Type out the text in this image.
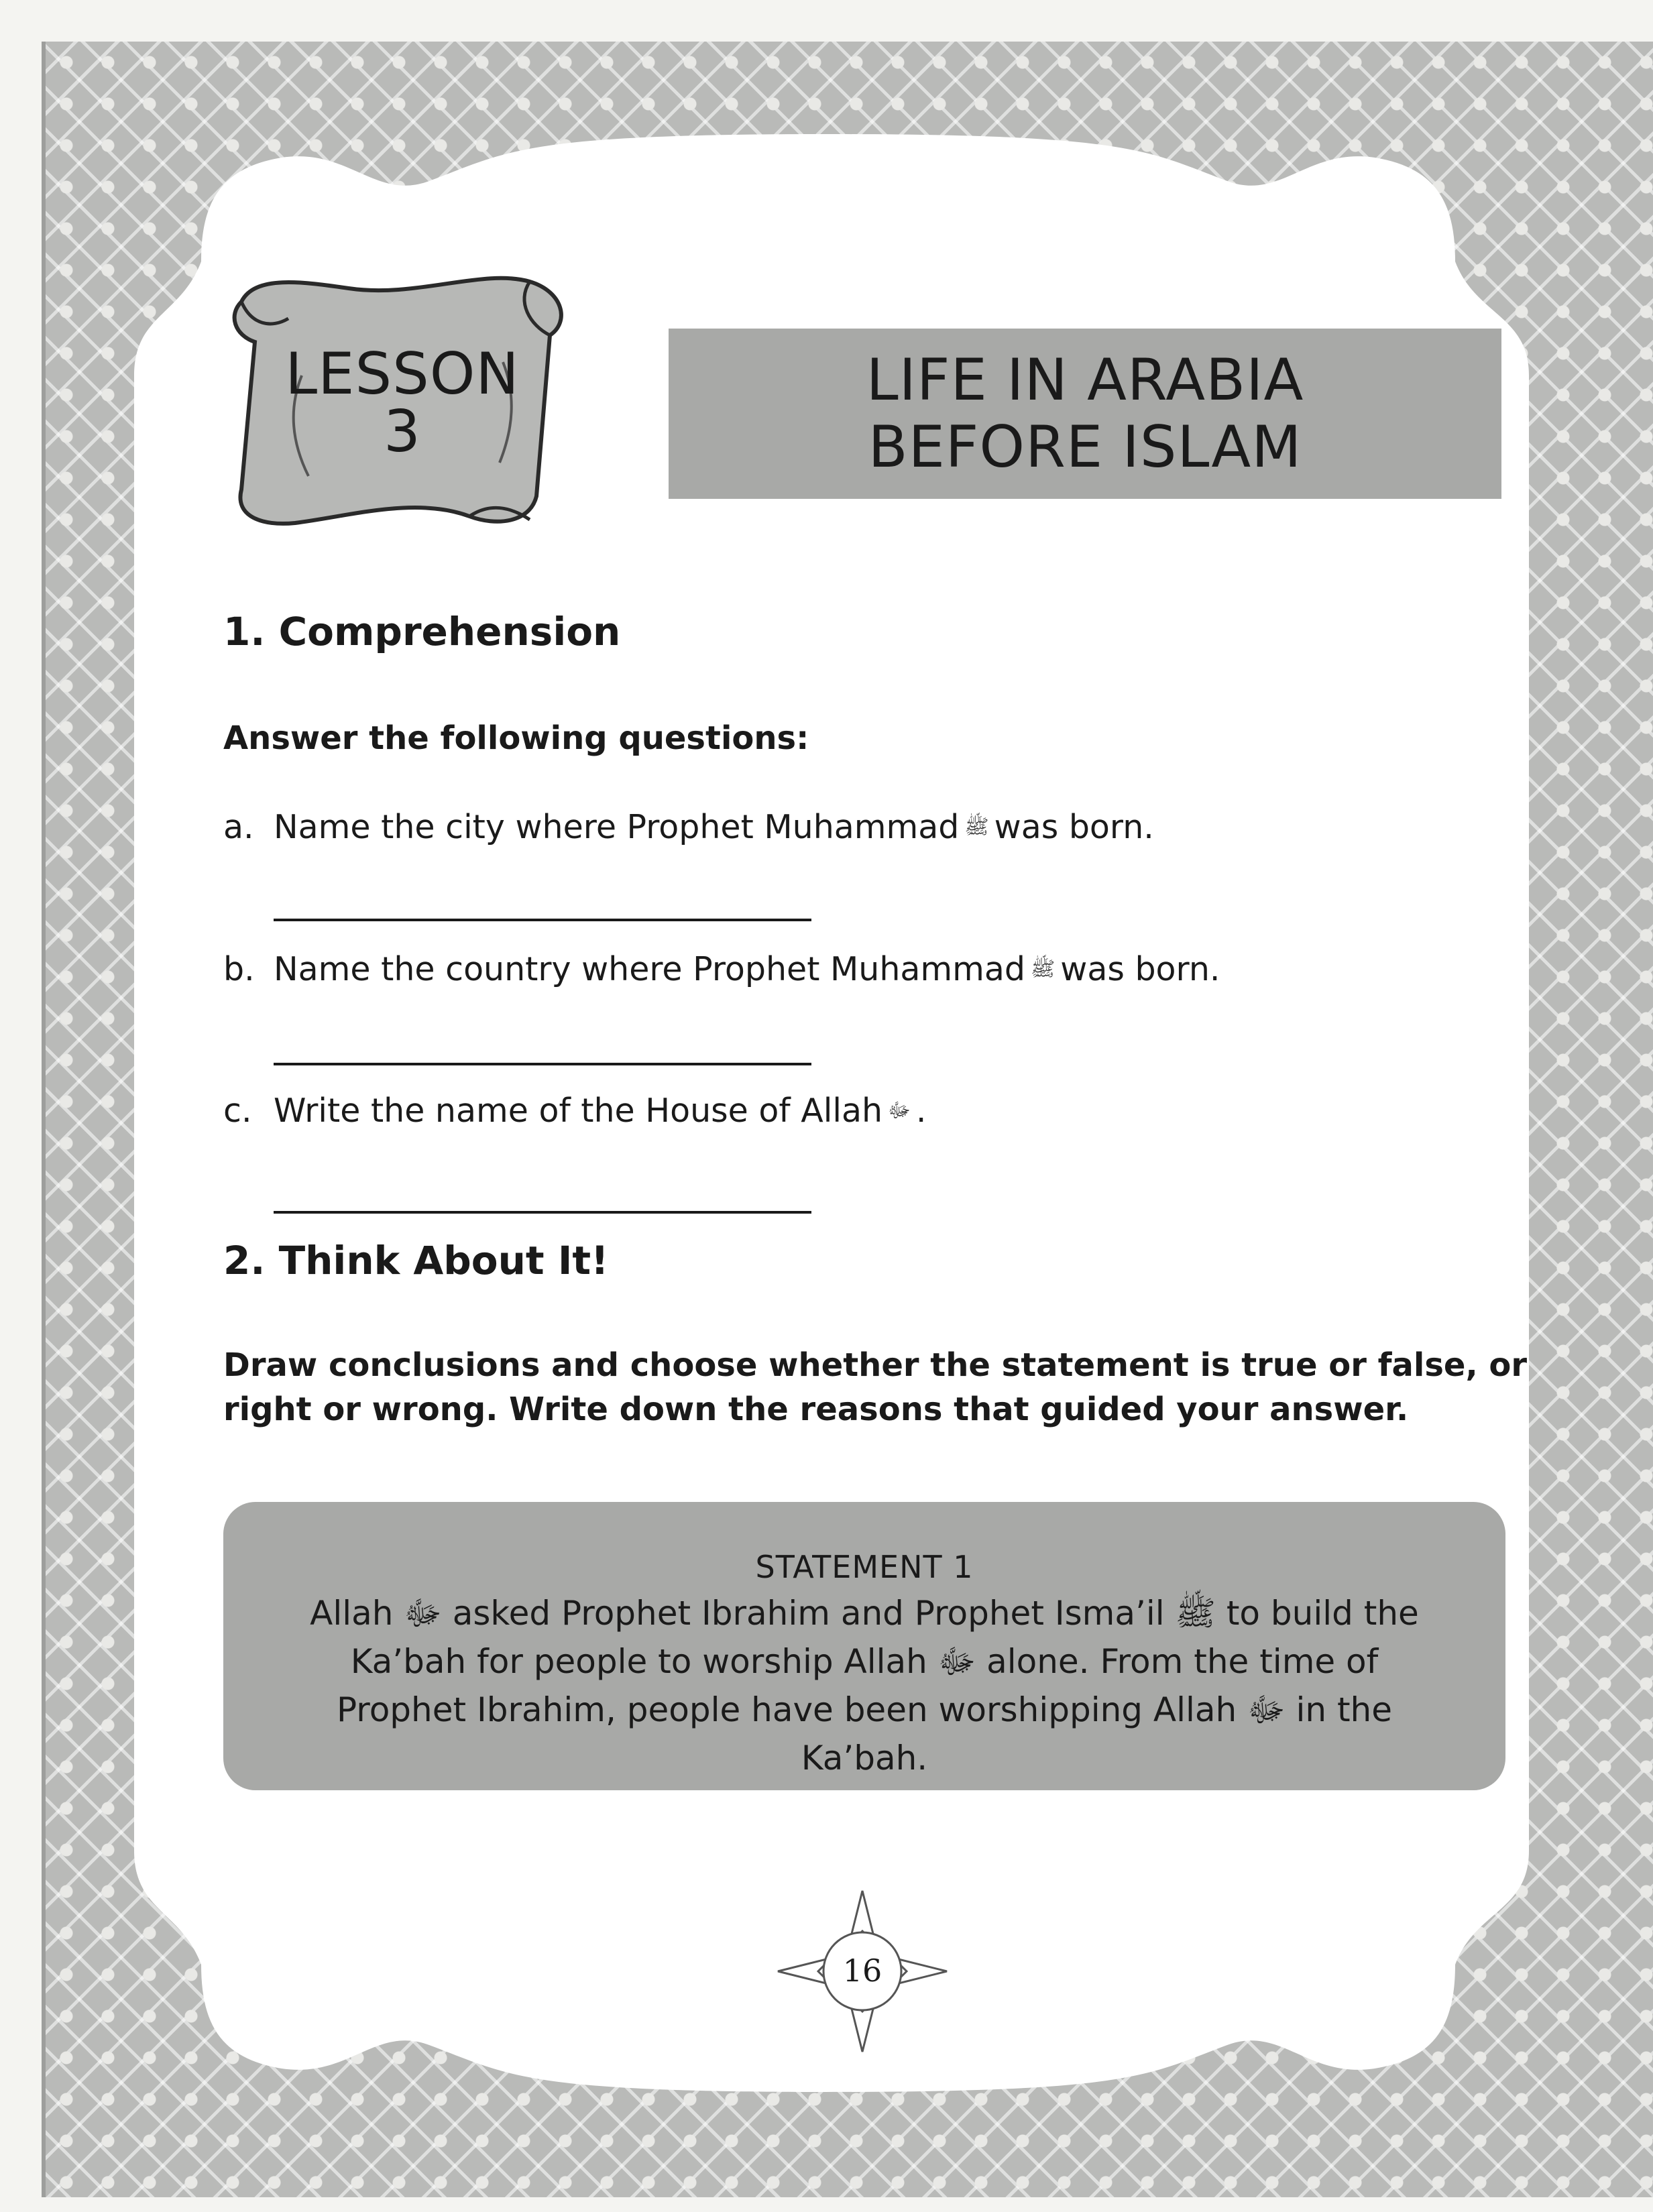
LESSON
3
LIFE IN ARABIA
BEFORE ISLAM
1. Comprehension
Answer the following questions:
a. Name the city where Prophet Muhammad ﷺ was born.
b. Name the country where Prophet Muhammad ﷺ was born.
c. Write the name of the House of Allah ﷻ .
2. Think About It!
Draw conclusions and choose whether the statement is true or false, or
right or wrong. Write down the reasons that guided your answer.
STATEMENT 1
Allah ﷻ asked Prophet Ibrahim and Prophet Isma’il ﷺ to build the
Ka’bah for people to worship Allah ﷻ alone. From the time of
Prophet Ibrahim, people have been worshipping Allah ﷻ in the
Ka’bah.
16
